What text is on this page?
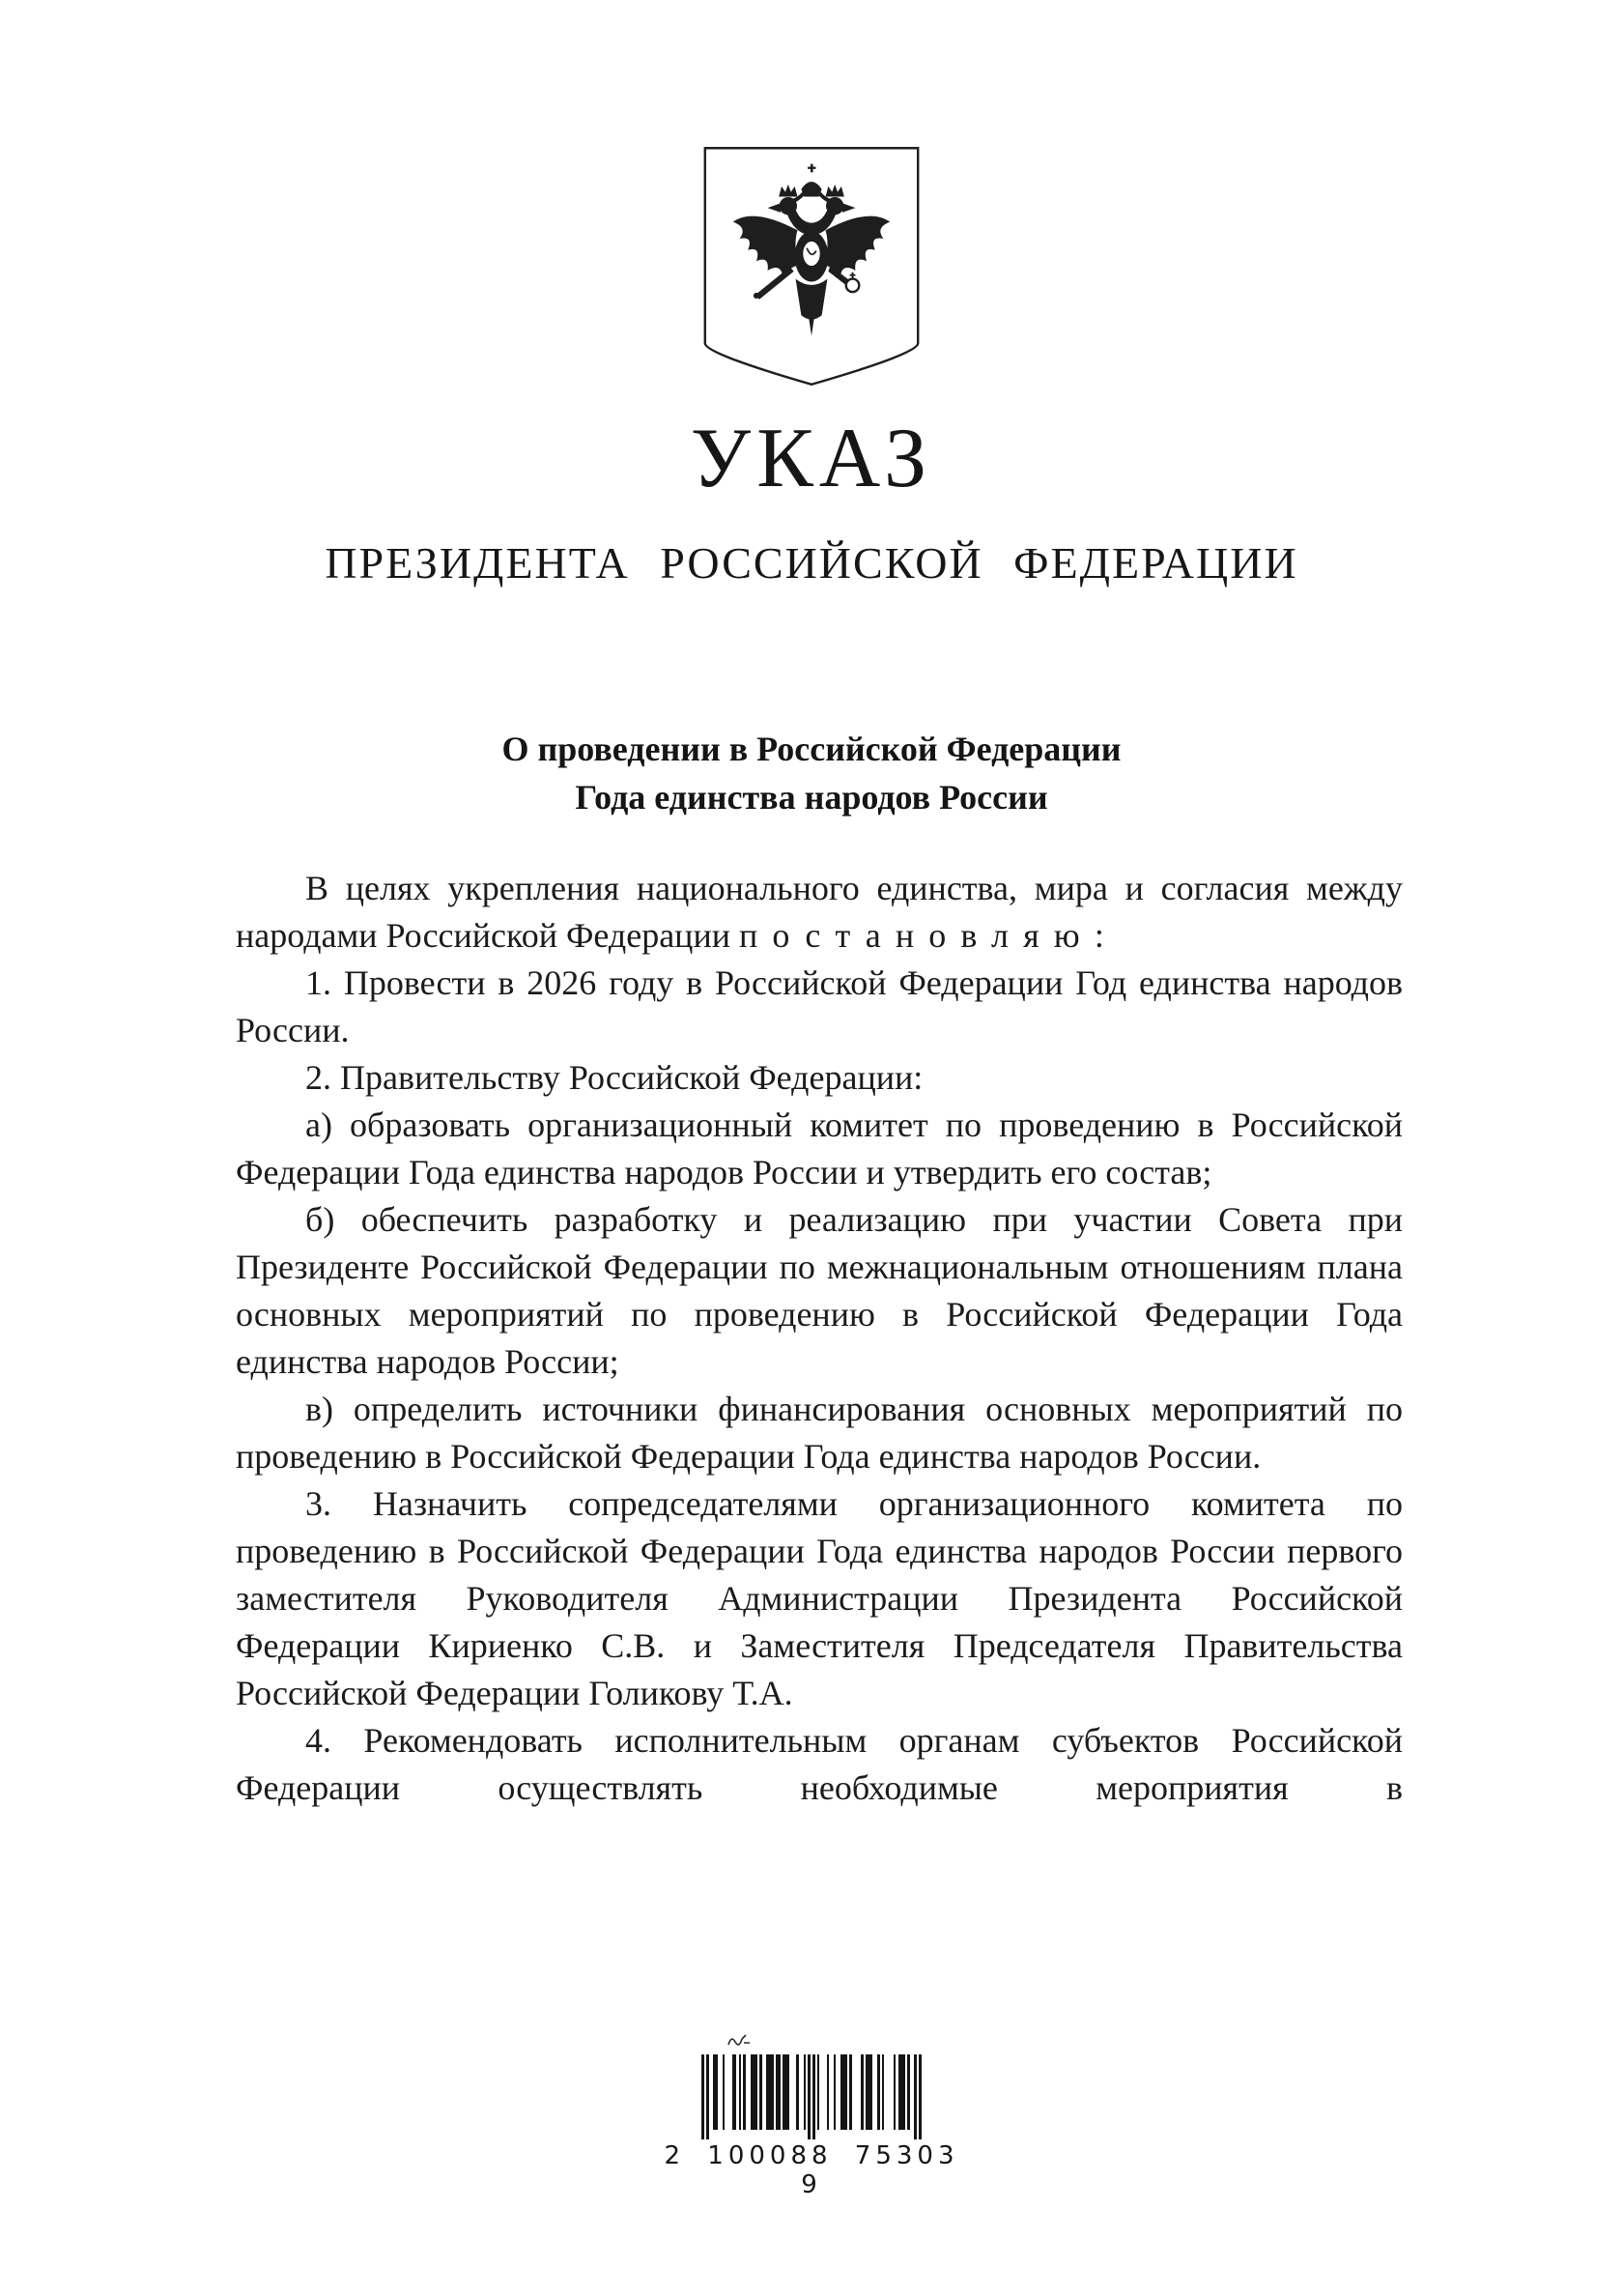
УКАЗ
ПРЕЗИДЕНТА РОССИЙСКОЙ ФЕДЕРАЦИИ
О проведении в Российской Федерации
Года единства народов России

В целях укрепления национального единства, мира и согласия между народами Российской Федерации постановляю:

1. Провести в 2026 году в Российской Федерации Год единства народов России.

2. Правительству Российской Федерации:

а) образовать организационный комитет по проведению в Российской Федерации Года единства народов России и утвердить его состав;

б) обеспечить разработку и реализацию при участии Совета при Президенте Российской Федерации по межнациональным отношениям плана основных мероприятий по проведению в Российской Федерации Года единства народов России;

в) определить источники финансирования основных мероприятий по проведению в Российской Федерации Года единства народов России.

3. Назначить сопредседателями организационного комитета по проведению в Российской Федерации Года единства народов России первого заместителя Руководителя Администрации Президента Российской Федерации Кириенко С.В. и Заместителя Председателя Правительства Российской Федерации Голикову Т.А.

4. Рекомендовать исполнительным органам субъектов Российской Федерации осуществлять необходимые мероприятия в

2 100088 75303 9
